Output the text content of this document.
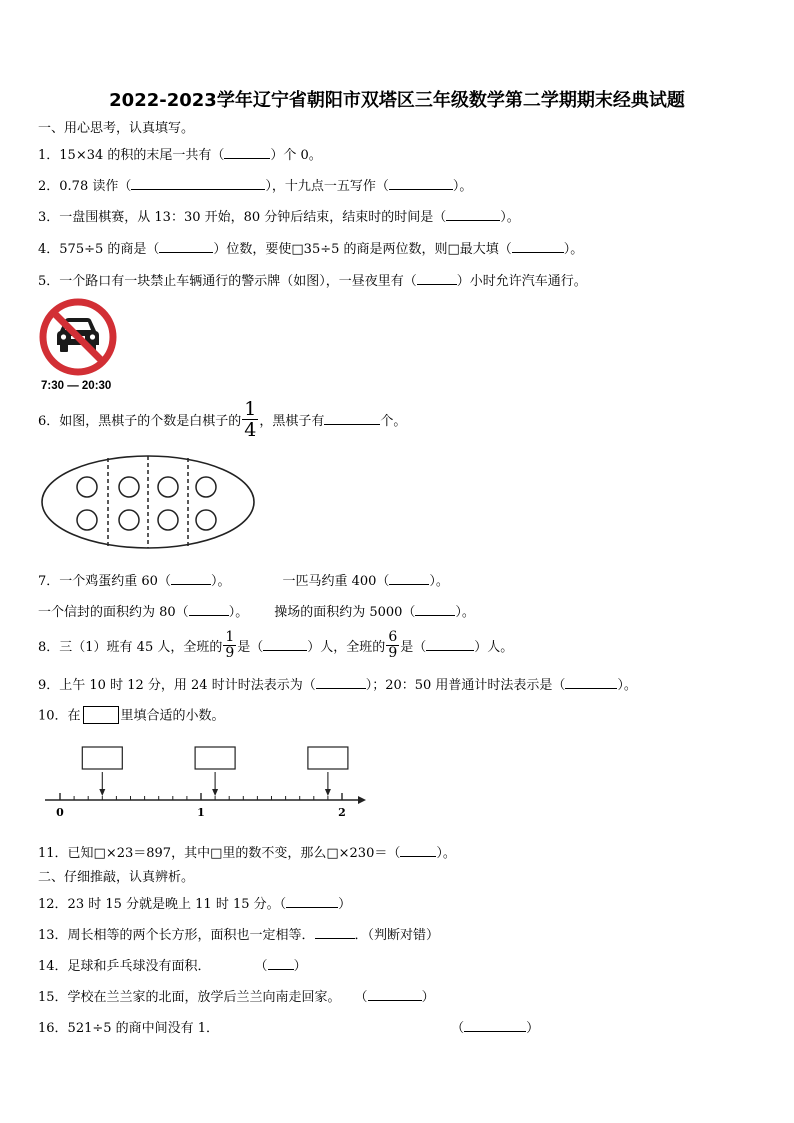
2022-2023学年辽宁省朝阳市双塔区三年级数学第二学期期末经典试题
一、用心思考，认真填写。
1．15×34 的积的末尾一共有（	）个 0。
2．0.78 读作（	），十九点一五写作（	）。
3．一盘围棋赛，从 13：30 开始，80 分钟后结束，结束时的时间是（	）。
4．575÷5 的商是（	）位数，要使□35÷5 的商是两位数，则□最大填（	）。
5．一个路口有一块禁止车辆通行的警示牌（如图），一昼夜里有（	）小时允许汽车通行。
7:30 — 20:30
6．如图，黑棋子的个数是白棋子的 $\frac{1}{4}$ ，黑棋子有	个。
7．一个鸡蛋约重 60（	）。	一匹马约重 400（	）。
一个信封的面积约为 80（	）。 操场的面积约为 5000（	）。
8．三（1）班有 45 人，全班的 $\frac{1}{9}$ 是（	）人，全班的 $\frac{6}{9}$ 是（	）人。
9．上午 10 时 12 分，用 24 时计时法表示为（	）；20：50 用普通计时法表示是（	）。
10．在	里填合适的小数。
0	1	2
11．已知□×23＝897，其中□里的数不变，那么□×230＝（	）。
二、仔细推敲，认真辨析。
12．23 时 15 分就是晚上 11 时 15 分。（	）
13．周长相等的两个长方形，面积也一定相等．	．（判断对错）
14．足球和乒乓球没有面积．	（ ）
15．学校在兰兰家的北面，放学后兰兰向南走回家。 （	）
16．521÷5 的商中间没有 1．	（	）
